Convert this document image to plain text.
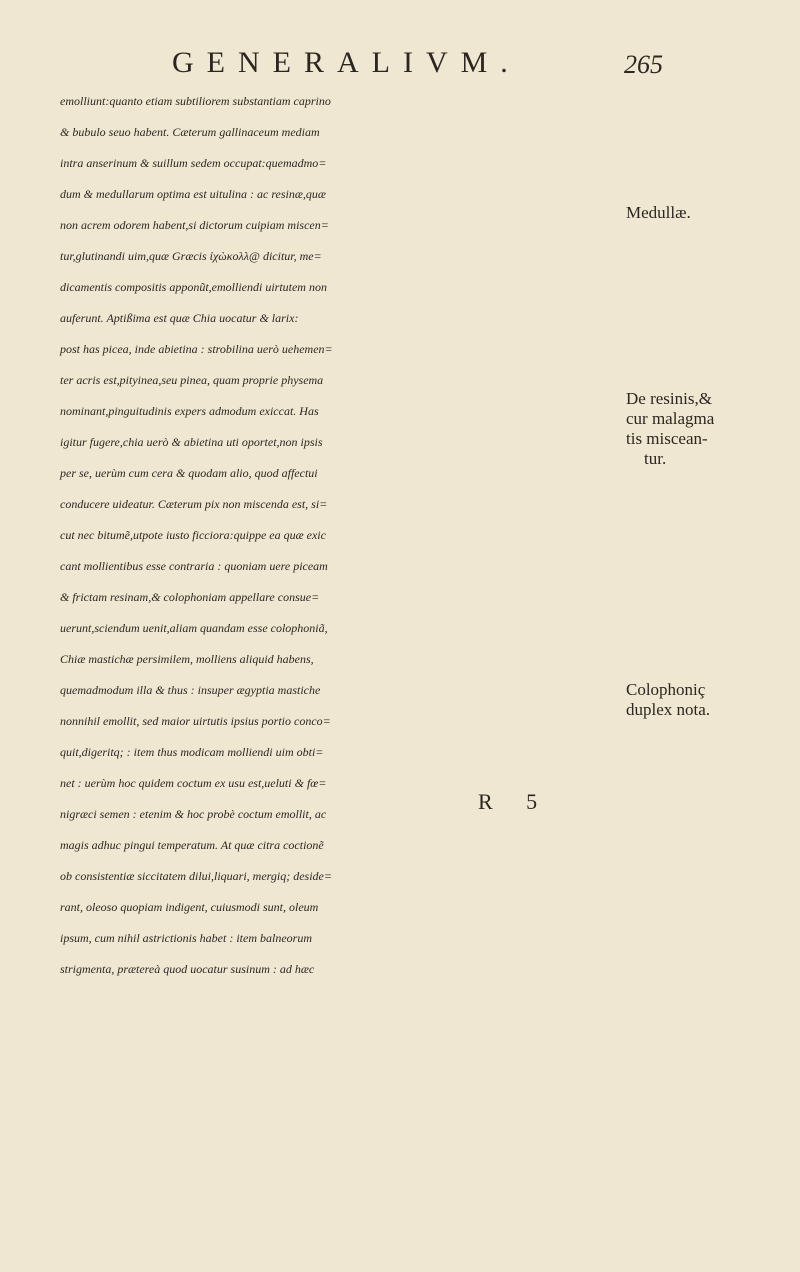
GENERALIVM.	265
emolliunt:quanto etiam subtiliorem substantiam caprino
& bubulo seuo habent. Cæterum gallinaceum mediam
intra anserinum & suillum sedem occupat:quemadmo=
dum & medullarum optima est uitulina : ac resinæ,quæ
non acrem odorem habent,si dictorum cuipiam miscen=
tur,glutinandi uim,quæ Græcis ἰχὼκολλ@ dicitur, me=
dicamentis compositis apponũt,emolliendi uirtutem non
auferunt. Aptißima est quæ Chia uocatur & larix:
post has picea, inde abietina : strobilina uerò uehemen=
ter acris est,pityinea,seu pinea, quam proprie physema
nominant,pinguitudinis expers admodum exiccat. Has
igitur fugere,chia uerò & abietina uti oportet,non ipsis
per se, uerùm cum cera & quodam alio, quod affectui
conducere uideatur. Cæterum pix non miscenda est, si=
cut nec bitumẽ,utpote iusto ficciora:quippe ea quæ exic
cant mollientibus esse contraria : quoniam uere piceam
& frictam resinam,& colophoniam appellare consue=
uerunt,sciendum uenit,aliam quandam esse colophoniã,
Chiæ mastichæ persimilem, molliens aliquid habens,
quemadmodum illa & thus : insuper ægyptia mastiche
nonnihil emollit, sed maior uirtutis ipsius portio conco=
quit,digeritq; : item thus modicam molliendi uim obti=
net : uerùm hoc quidem coctum ex usu est,ueluti & fœ=
nigræci semen : etenim & hoc probè coctum emollit, ac
magis adhuc pingui temperatum. At quæ citra coctionẽ
ob consistentiæ siccitatem dilui,liquari, mergiq; deside=
rant, oleoso quopiam indigent, cuiusmodi sunt, oleum
ipsum, cum nihil astrictionis habet : item balneorum
strigmenta, prætereà quod uocatur susinum : ad hæc
Medullæ.
De resinis,&
cur malagma
tis miscean-
tur.
Colophoniç
duplex nota.
R 5
